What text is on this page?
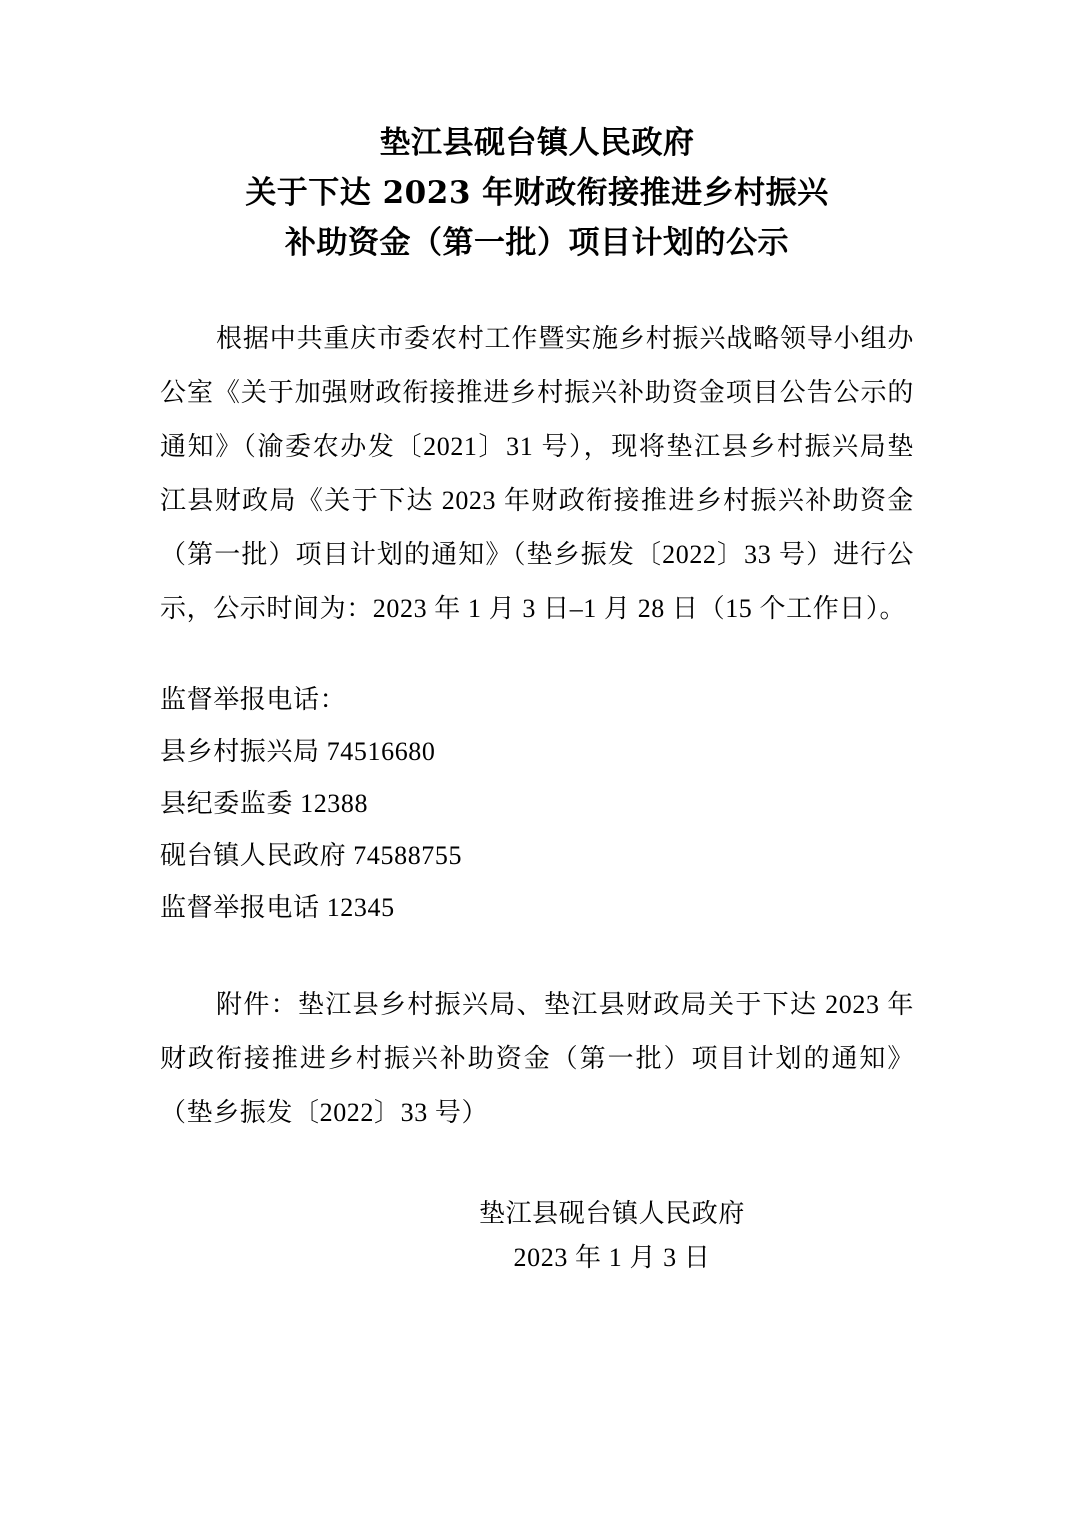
垫江县砚台镇人民政府
关于下达 2023 年财政衔接推进乡村振兴
补助资金（第一批）项目计划的公示

根据中共重庆市委农村工作暨实施乡村振兴战略领导小组办公室《关于加强财政衔接推进乡村振兴补助资金项目公告公示的通知》（渝委农办发〔2021〕31 号），现将垫江县乡村振兴局垫江县财政局《关于下达 2023 年财政衔接推进乡村振兴补助资金（第一批）项目计划的通知》（垫乡振发〔2022〕33 号）进行公示，公示时间为：2023 年 1 月 3 日–1 月 28 日（15 个工作日）。

监督举报电话：
县乡村振兴局 74516680
县纪委监委 12388
砚台镇人民政府 74588755
监督举报电话 12345

附件：垫江县乡村振兴局、垫江县财政局关于下达 2023 年财政衔接推进乡村振兴补助资金（第一批）项目计划的通知》（垫乡振发〔2022〕33 号）

垫江县砚台镇人民政府
2023 年 1 月 3 日
